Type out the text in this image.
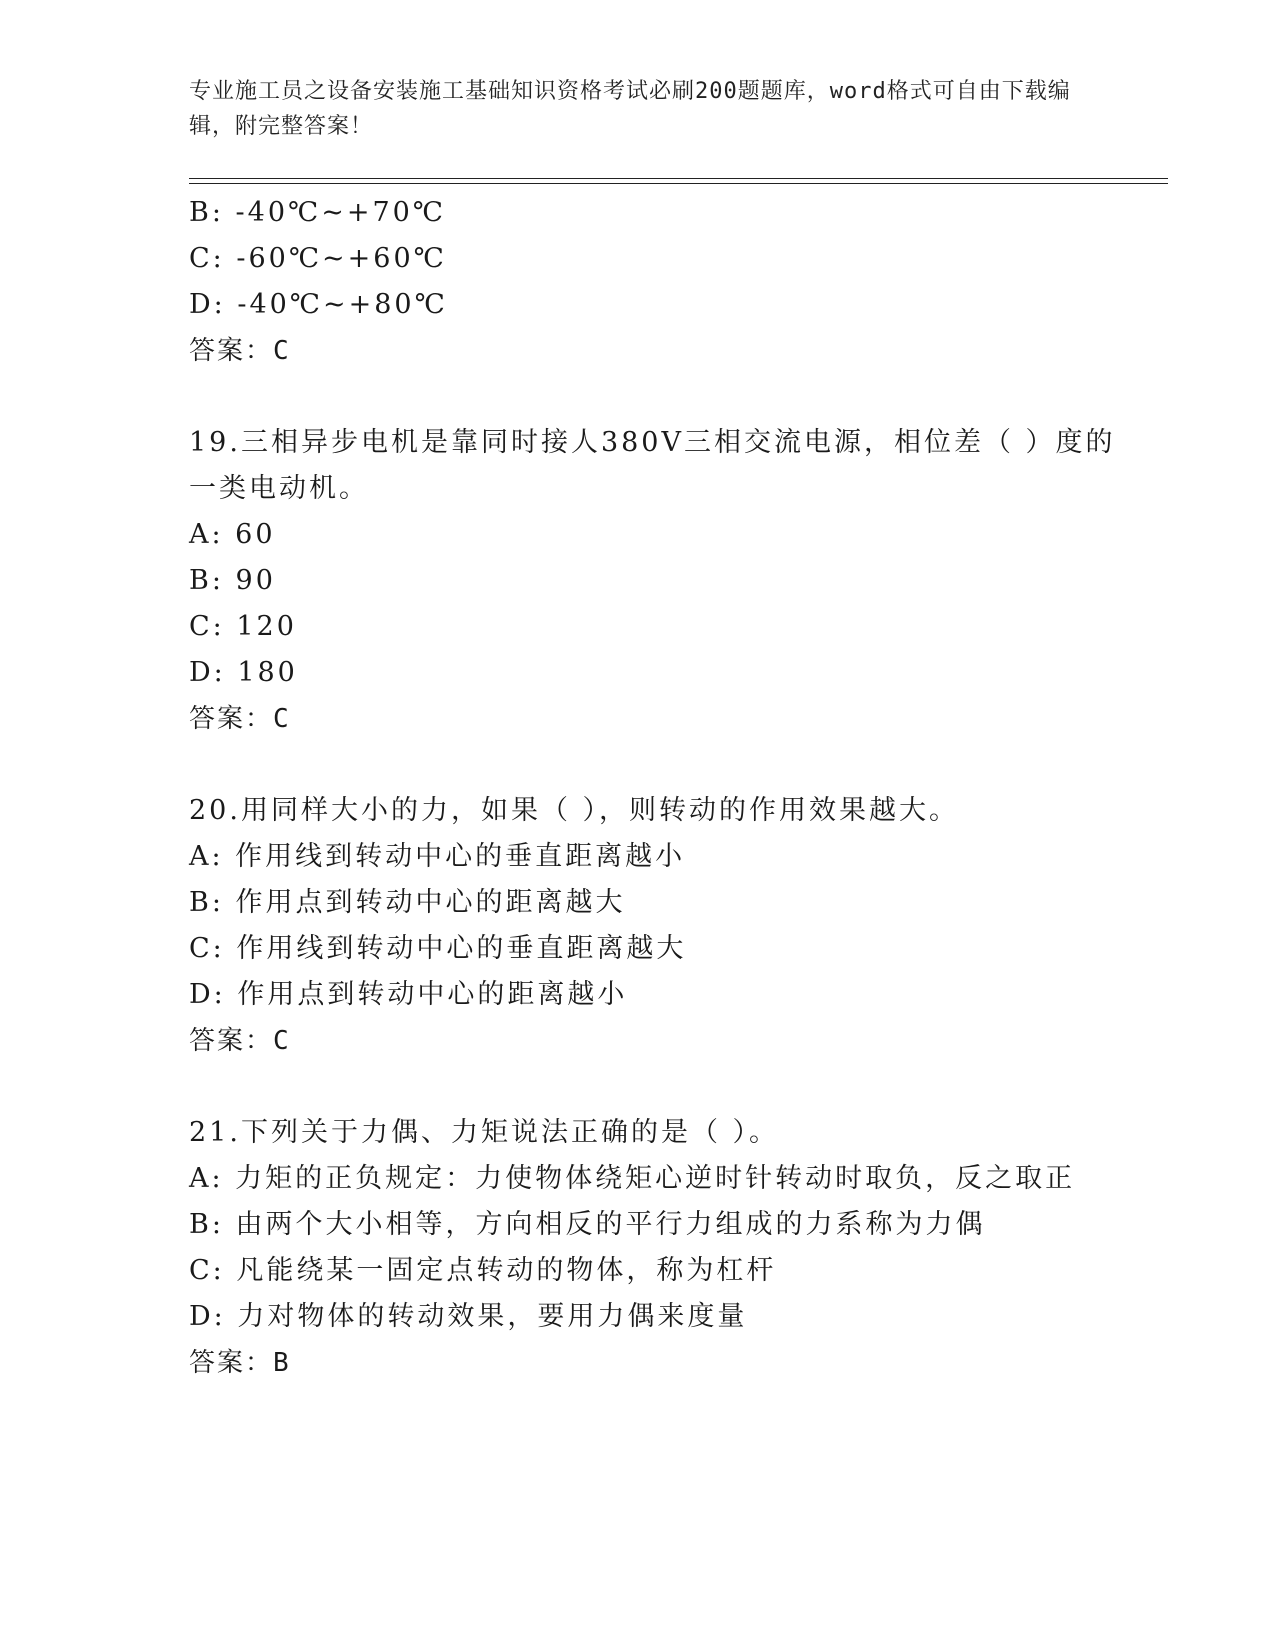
专业施工员之设备安装施工基础知识资格考试必刷200题题库，word格式可自由下载编辑，附完整答案！
B: -40℃~+70℃
C: -60℃~+60℃
D: -40℃~+80℃
答案：C
19.三相异步电机是靠同时接人380V三相交流电源，相位差（ ）度的
一类电动机。
A: 60
B: 90
C: 120
D: 180
答案：C
20.用同样大小的力，如果（ ），则转动的作用效果越大。
A: 作用线到转动中心的垂直距离越小
B: 作用点到转动中心的距离越大
C: 作用线到转动中心的垂直距离越大
D: 作用点到转动中心的距离越小
答案：C
21.下列关于力偶、力矩说法正确的是（ ）。
A: 力矩的正负规定：力使物体绕矩心逆时针转动时取负，反之取正
B: 由两个大小相等，方向相反的平行力组成的力系称为力偶
C: 凡能绕某一固定点转动的物体，称为杠杆
D: 力对物体的转动效果，要用力偶来度量
答案：B
